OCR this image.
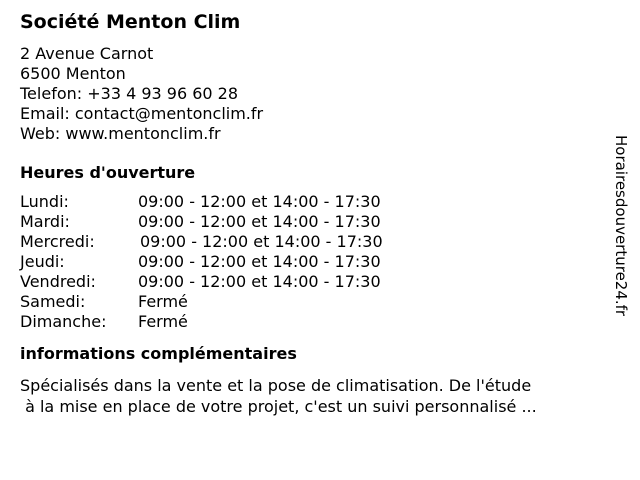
Société Menton Clim
2 Avenue Carnot
6500 Menton
Telefon: +33 4 93 96 60 28
Email: contact@mentonclim.fr
Web: www.mentonclim.fr
Heures d'ouverture
Lundi:	09:00 - 12:00 et 14:00 - 17:30
Mardi:	09:00 - 12:00 et 14:00 - 17:30
Mercredi:	09:00 - 12:00 et 14:00 - 17:30
Jeudi:	09:00 - 12:00 et 14:00 - 17:30
Vendredi:	09:00 - 12:00 et 14:00 - 17:30
Samedi:	Fermé
Dimanche:	Fermé
informations complémentaires
Spécialisés dans la vente et la pose de climatisation. De l'étude
à la mise en place de votre projet, c'est un suivi personnalisé ...
Horairesdouverture24.fr
